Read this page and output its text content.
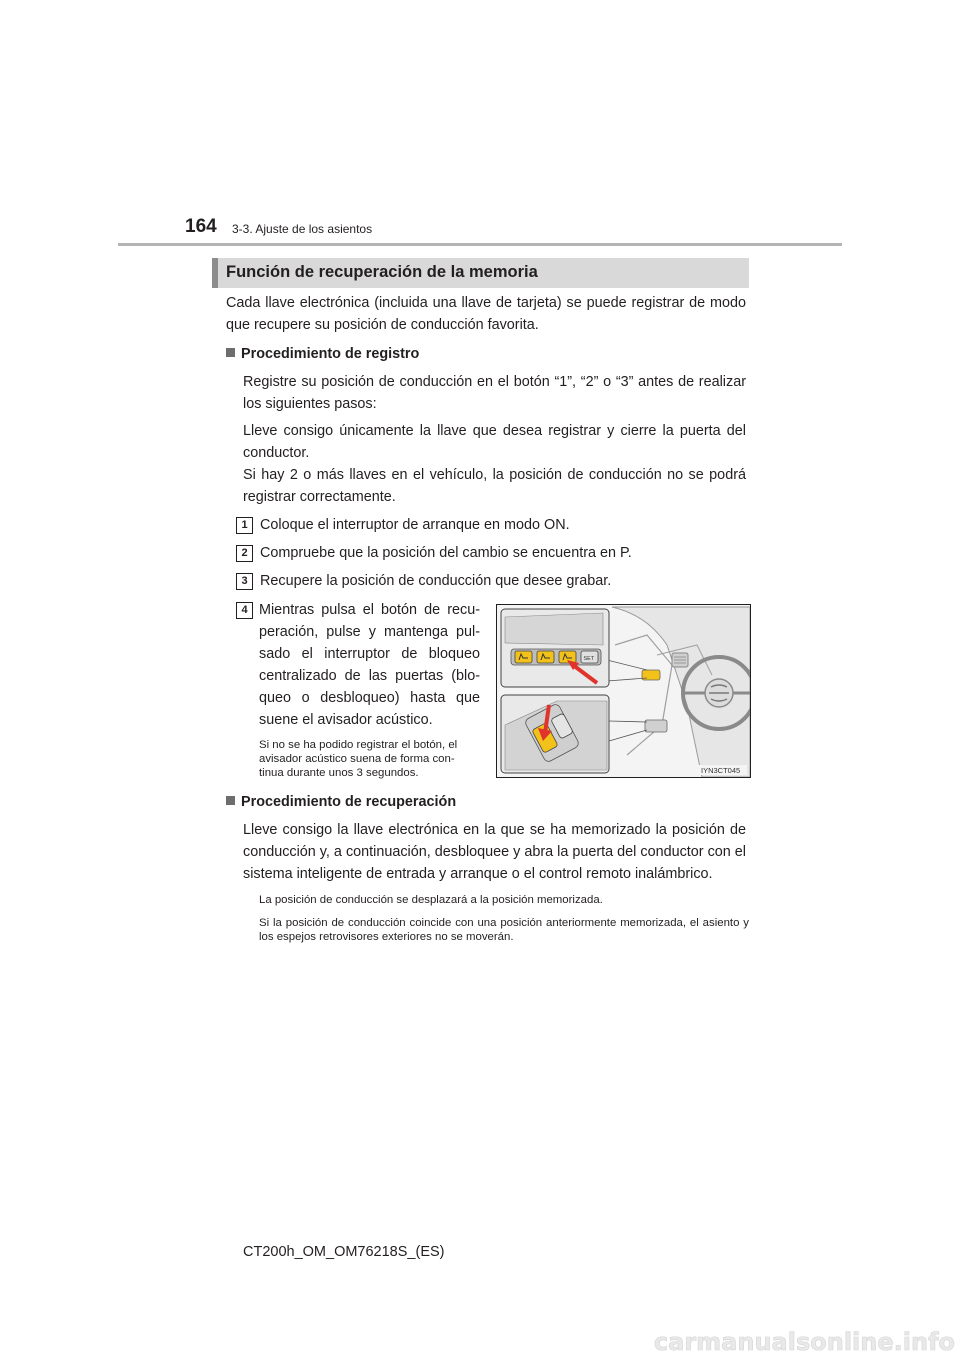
164 3-3. Ajuste de los asientos
Función de recuperación de la memoria
Cada llave electrónica (incluida una llave de tarjeta) se puede registrar de modo que recupere su posición de conducción favorita.
Procedimiento de registro
Registre su posición de conducción en el botón “1”, “2” o “3” antes de realizar los siguientes pasos:
Lleve consigo únicamente la llave que desea registrar y cierre la puerta del conductor.
Si hay 2 o más llaves en el vehículo, la posición de conducción no se podrá registrar correctamente.
1 Coloque el interruptor de arranque en modo ON.
2 Compruebe que la posición del cambio se encuentra en P.
3 Recupere la posición de conducción que desee grabar.
4 Mientras pulsa el botón de recu-
peración, pulse y mantenga pul-
sado el interruptor de bloqueo
centralizado de las puertas (blo-
queo o desbloqueo) hasta que
suene el avisador acústico.
Si no se ha podido registrar el botón, el
avisador acústico suena de forma con-
tinua durante unos 3 segundos.
SET
IYN3CT045
Procedimiento de recuperación
Lleve consigo la llave electrónica en la que se ha memorizado la posición de conducción y, a continuación, desbloquee y abra la puerta del conductor con el sistema inteligente de entrada y arranque o el control remoto inalámbrico.
La posición de conducción se desplazará a la posición memorizada.
Si la posición de conducción coincide con una posición anteriormente memorizada, el asiento y los espejos retrovisores exteriores no se moverán.
CT200h_OM_OM76218S_(ES)
carmanualsonline.info
